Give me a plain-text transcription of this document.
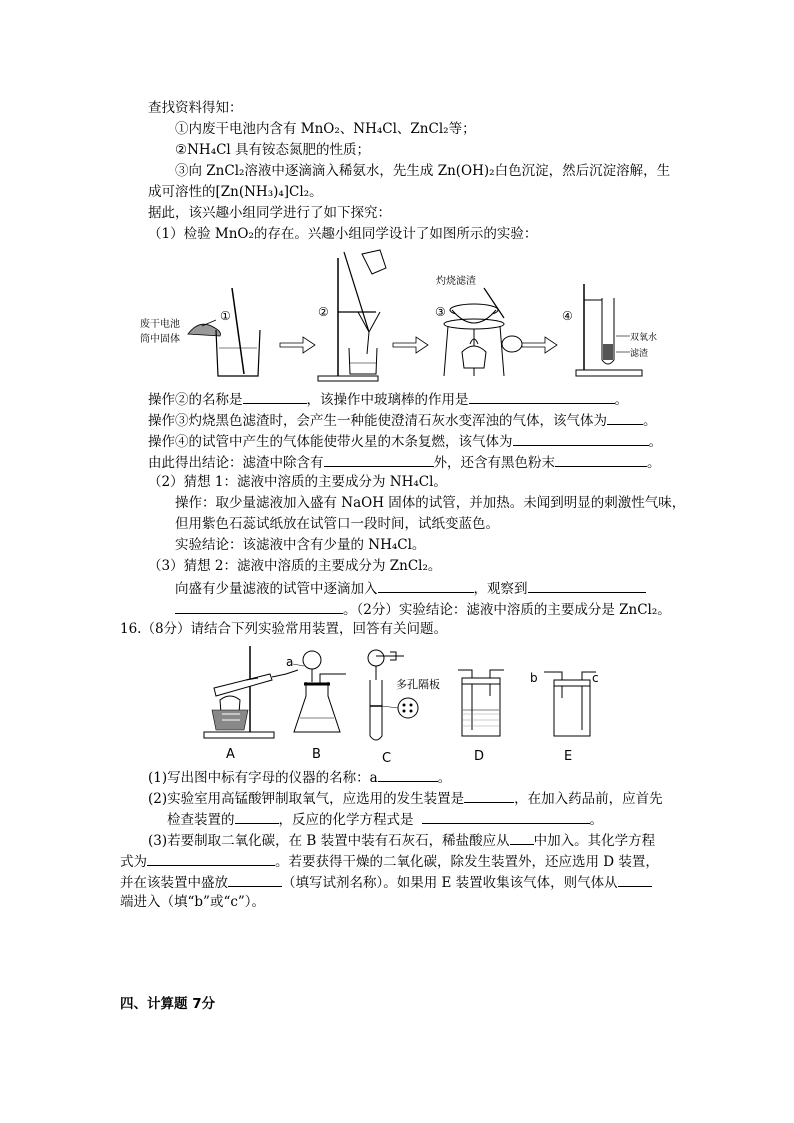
查找资料得知：
①内废干电池内含有 MnO₂、NH₄Cl、ZnCl₂等；
②NH₄Cl 具有铵态氮肥的性质；
③向 ZnCl₂溶液中逐滴滴入稀氨水，先生成 Zn(OH)₂白色沉淀，然后沉淀溶解，生
成可溶性的[Zn(NH₃)₄]Cl₂。
据此，该兴趣小组同学进行了如下探究：
（1）检验 MnO₂的存在。兴趣小组同学设计了如图所示的实验：
废干电池
筒中固体
①	②
灼烧滤渣
③	④
双氧水
滤渣
操作②的名称是	，该操作中玻璃棒的作用是	。
操作③灼烧黑色滤渣时，会产生一种能使澄清石灰水变浑浊的气体，该气体为	。
操作④的试管中产生的气体能使带火星的木条复燃，该气体为	。
由此得出结论：滤渣中除含有	外，还含有黑色粉末	。
（2）猜想 1：滤液中溶质的主要成分为 NH₄Cl。
操作：取少量滤液加入盛有 NaOH 固体的试管，并加热。未闻到明显的刺激性气味，
但用紫色石蕊试纸放在试管口一段时间，试纸变蓝色。
实验结论：该滤液中含有少量的 NH₄Cl。
（3）猜想 2：滤液中溶质的主要成分为 ZnCl₂。
向盛有少量滤液的试管中逐滴加入	，观察到
。（2分）实验结论：滤液中溶质的主要成分是 ZnCl₂。
16.（8分）请结合下列实验常用装置，回答有关问题。
A
a
B
多孔隔板
C	D
b	c
E
(1)写出图中标有字母的仪器的名称：a	。
(2)实验室用高锰酸钾制取氧气，应选用的发生装置是	，在加入药品前，应首先
检查装置的	，反应的化学方程式是	。
(3)若要制取二氧化碳，在 B 装置中装有石灰石，稀盐酸应从 中加入。其化学方程
式为	。若要获得干燥的二氧化碳，除发生装置外，还应选用 D 装置，
并在该装置中盛放	（填写试剂名称）。如果用 E 装置收集该气体，则气体从
端进入（填“b”或“c”）。
四、计算题 7分
